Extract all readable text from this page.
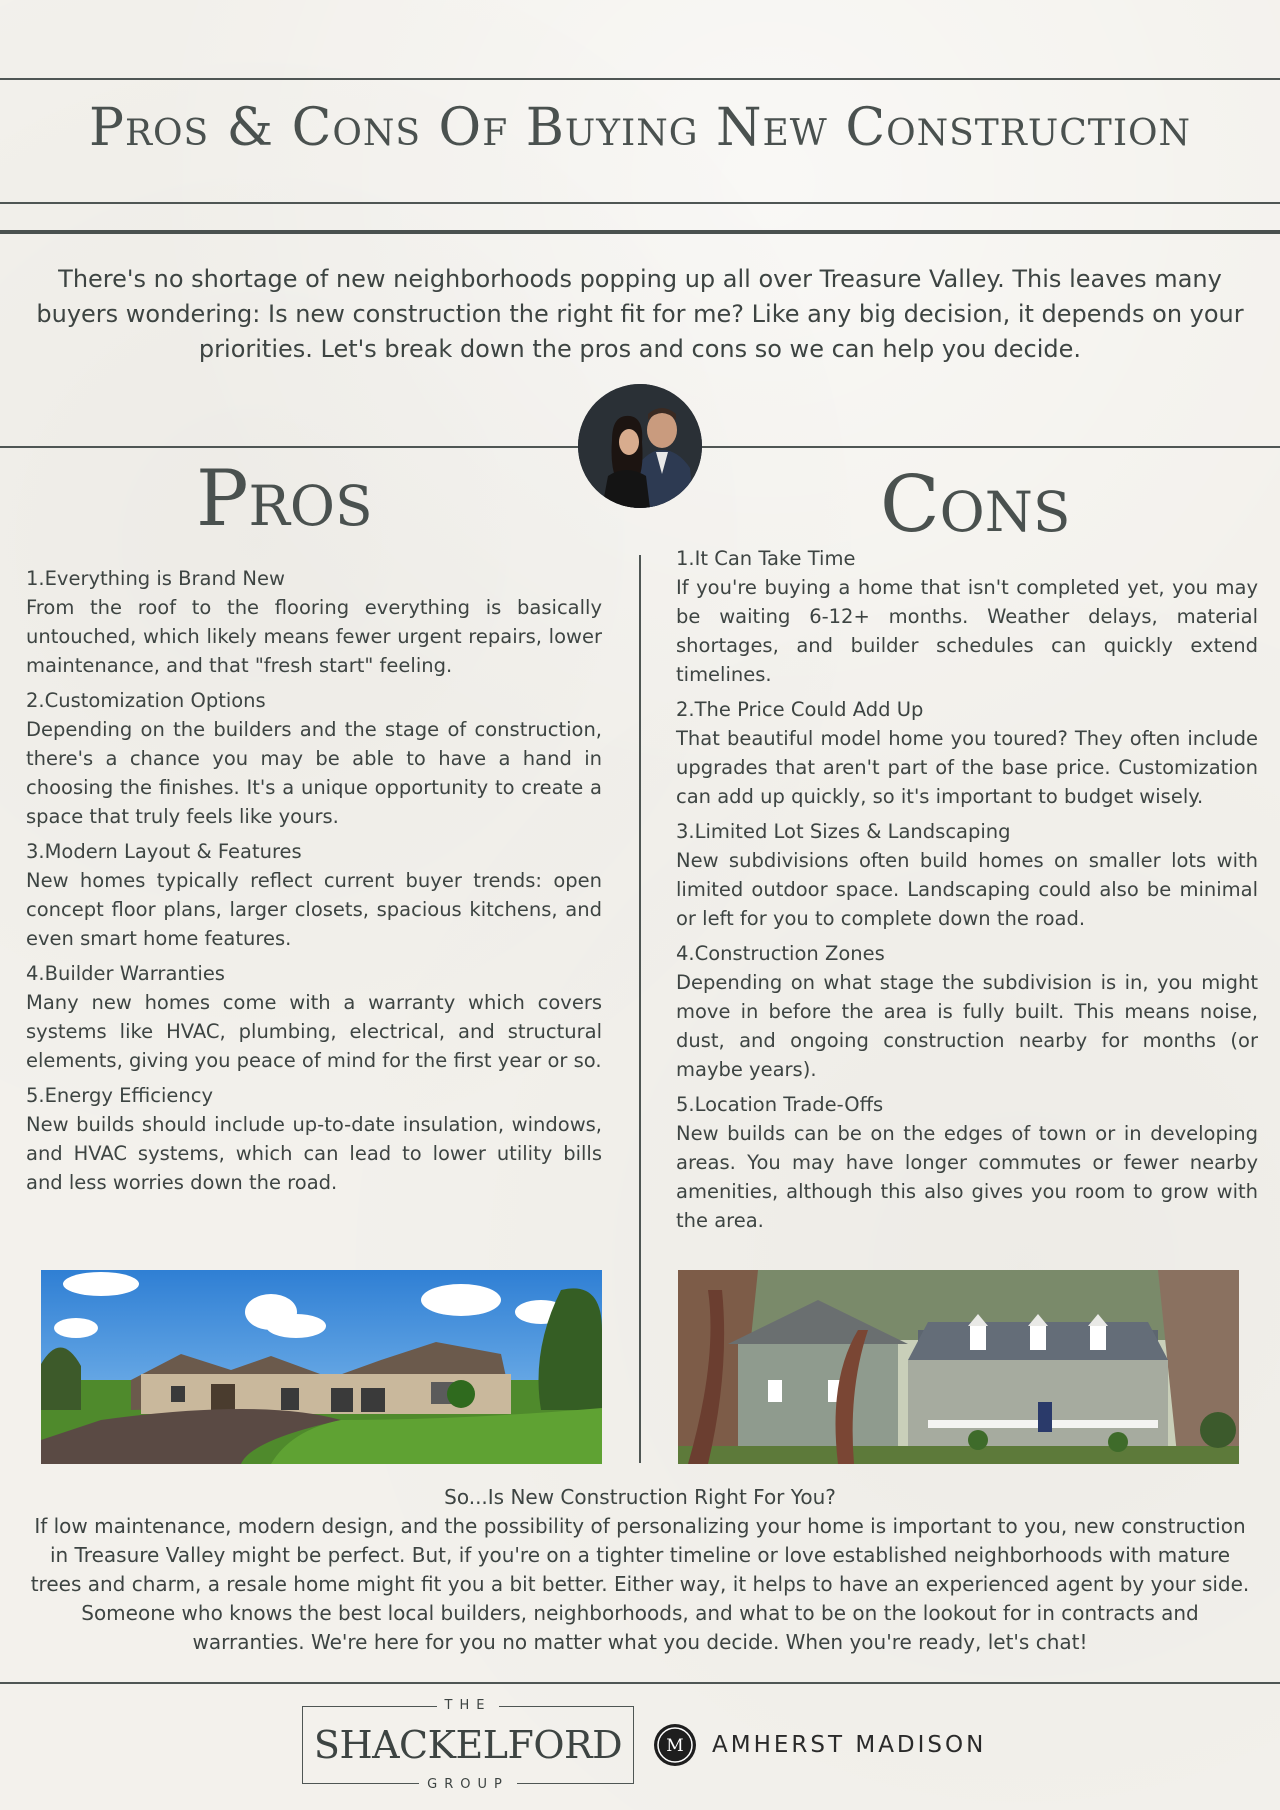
Pros & Cons Of Buying New Construction

There's no shortage of new neighborhoods popping up all over Treasure Valley. This leaves many buyers wondering: Is new construction the right fit for me? Like any big decision, it depends on your priorities. Let's break down the pros and cons so we can help you decide.

Pros	Cons
1.Everything is Brand New
From the roof to the flooring everything is basically untouched, which likely means fewer urgent repairs, lower maintenance, and that "fresh start" feeling.
2.Customization Options
Depending on the builders and the stage of construction, there's a chance you may be able to have a hand in choosing the finishes. It's a unique opportunity to create a space that truly feels like yours.
3.Modern Layout & Features
New homes typically reflect current buyer trends: open concept floor plans, larger closets, spacious kitchens, and even smart home features.
4.Builder Warranties
Many new homes come with a warranty which covers systems like HVAC, plumbing, electrical, and structural elements, giving you peace of mind for the first year or so.
5.Energy Efficiency
New builds should include up-to-date insulation, windows, and HVAC systems, which can lead to lower utility bills and less worries down the road.
1.It Can Take Time
If you're buying a home that isn't completed yet, you may be waiting 6-12+ months. Weather delays, material shortages, and builder schedules can quickly extend timelines.
2.The Price Could Add Up
That beautiful model home you toured? They often include upgrades that aren't part of the base price. Customization can add up quickly, so it's important to budget wisely.
3.Limited Lot Sizes & Landscaping
New subdivisions often build homes on smaller lots with limited outdoor space. Landscaping could also be minimal or left for you to complete down the road.
4.Construction Zones
Depending on what stage the subdivision is in, you might move in before the area is fully built. This means noise, dust, and ongoing construction nearby for months (or maybe years).
5.Location Trade-Offs
New builds can be on the edges of town or in developing areas. You may have longer commutes or fewer nearby amenities, although this also gives you room to grow with the area.
So...Is New Construction Right For You?

If low maintenance, modern design, and the possibility of personalizing your home is important to you, new construction in Treasure Valley might be perfect. But, if you're on a tighter timeline or love established neighborhoods with mature trees and charm, a resale home might fit you a bit better. Either way, it helps to have an experienced agent by your side. Someone who knows the best local builders, neighborhoods, and what to be on the lookout for in contracts and warranties. We're here for you no matter what you decide. When you're ready, let's chat!

THE
SHACKELFORD
GROUP
M AMHERST MADISON
